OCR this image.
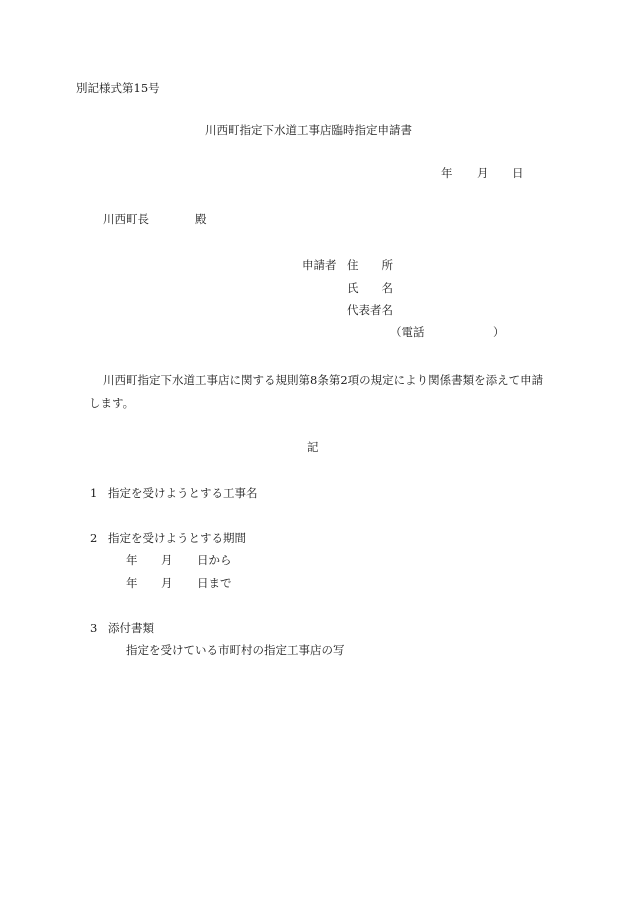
別記様式第15号
川西町指定下水道工事店臨時指定申請書
年 月 日
川西町長	殿
申請者 住　　所
氏　　名
代表者名
（電話	）
川西町指定下水道工事店に関する規則第8条第2項の規定により関係書類を添えて申請
します。
記
1 指定を受けようとする工事名
2 指定を受けようとする期間
年 月 日から
年 月 日まで
3 添付書類
指定を受けている市町村の指定工事店の写
